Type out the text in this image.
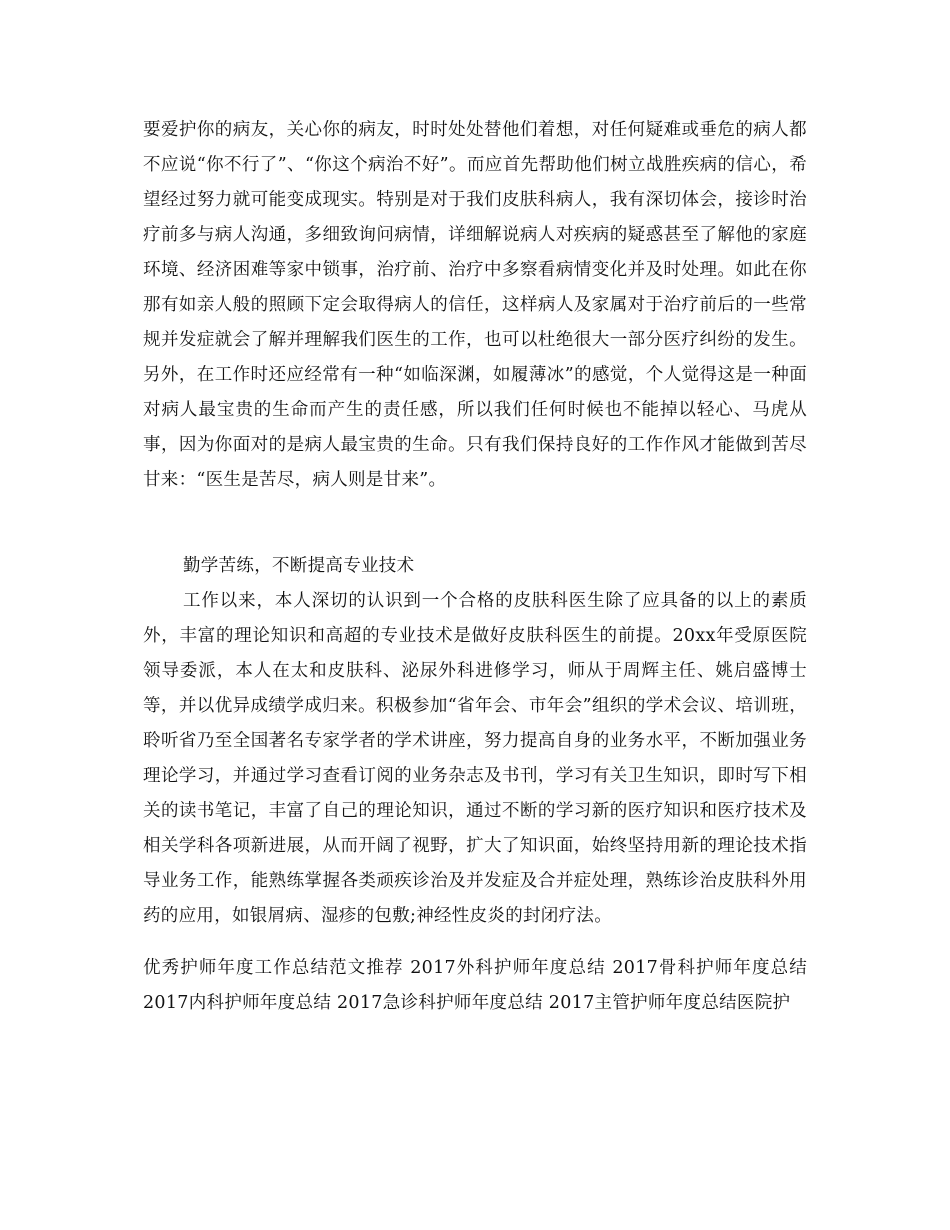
要爱护你的病友，关心你的病友，时时处处替他们着想，对任何疑难或垂危的病人都不应说“你不行了”、“你这个病治不好”。而应首先帮助他们树立战胜疾病的信心，希望经过努力就可能变成现实。特别是对于我们皮肤科病人，我有深切体会，接诊时治疗前多与病人沟通，多细致询问病情，详细解说病人对疾病的疑惑甚至了解他的家庭环境、经济困难等家中锁事，治疗前、治疗中多察看病情变化并及时处理。如此在你那有如亲人般的照顾下定会取得病人的信任，这样病人及家属对于治疗前后的一些常规并发症就会了解并理解我们医生的工作，也可以杜绝很大一部分医疗纠纷的发生。另外，在工作时还应经常有一种“如临深渊，如履薄冰”的感觉，个人觉得这是一种面对病人最宝贵的生命而产生的责任感，所以我们任何时候也不能掉以轻心、马虎从事，因为你面对的是病人最宝贵的生命。只有我们保持良好的工作作风才能做到苦尽甘来：“医生是苦尽，病人则是甘来”。

勤学苦练，不断提高专业技术

工作以来，本人深切的认识到一个合格的皮肤科医生除了应具备的以上的素质外，丰富的理论知识和高超的专业技术是做好皮肤科医生的前提。20xx年受原医院领导委派，本人在太和皮肤科、泌尿外科进修学习，师从于周辉主任、姚启盛博士等，并以优异成绩学成归来。积极参加“省年会、市年会”组织的学术会议、培训班，聆听省乃至全国著名专家学者的学术讲座，努力提高自身的业务水平，不断加强业务理论学习，并通过学习查看订阅的业务杂志及书刊，学习有关卫生知识，即时写下相关的读书笔记，丰富了自己的理论知识，通过不断的学习新的医疗知识和医疗技术及相关学科各项新进展，从而开阔了视野，扩大了知识面，始终坚持用新的理论技术指导业务工作，能熟练掌握各类顽疾诊治及并发症及合并症处理，熟练诊治皮肤科外用药的应用，如银屑病、湿疹的包敷;神经性皮炎的封闭疗法。

优秀护师年度工作总结范文推荐 2017外科护师年度总结 2017骨科护师年度总结 2017内科护师年度总结 2017急诊科护师年度总结 2017主管护师年度总结医院护
